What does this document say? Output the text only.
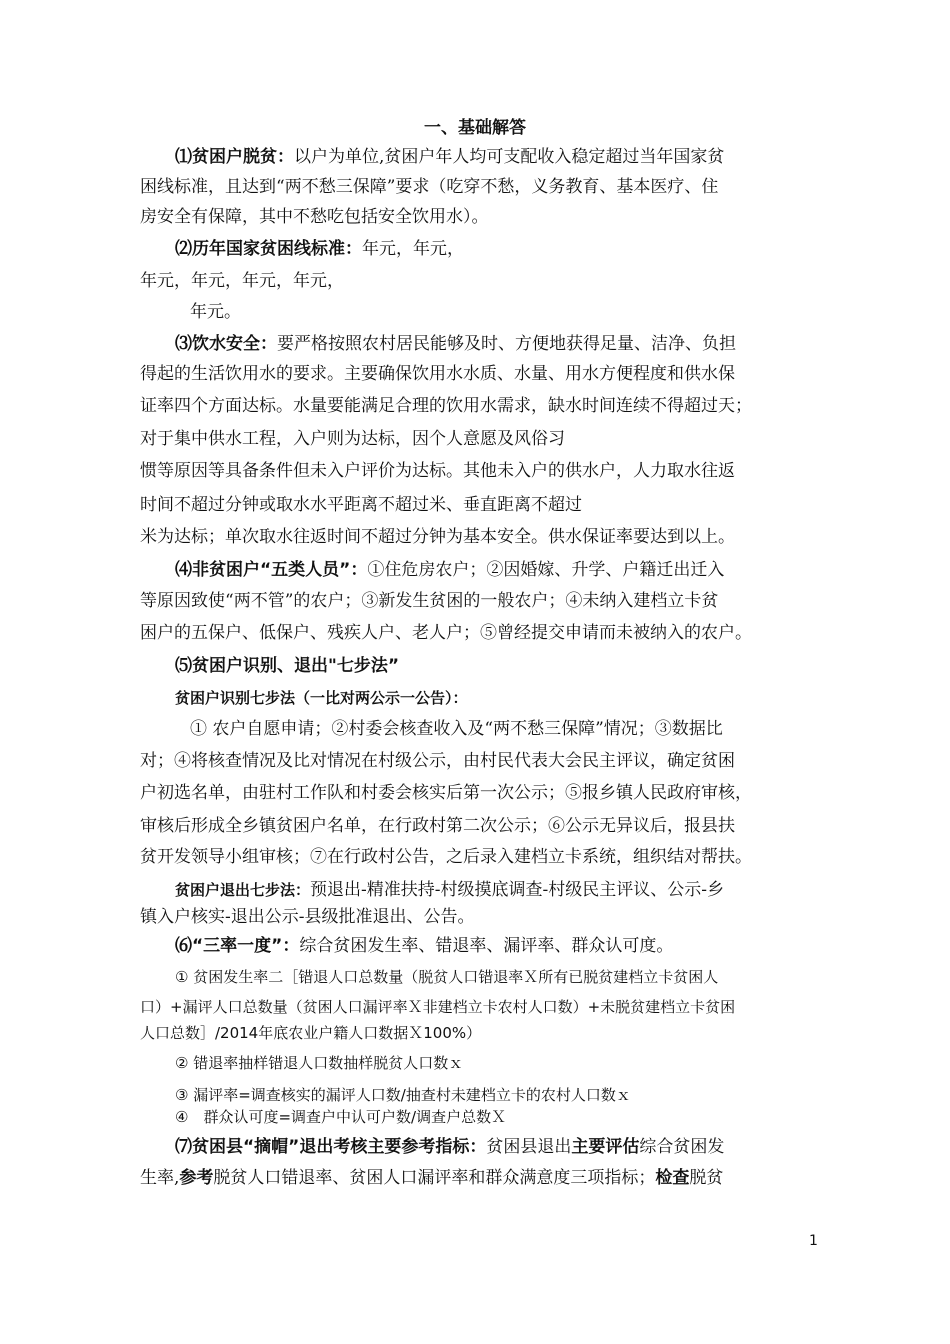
一、基础解答
⑴贫困户脱贫：以户为单位,贫困户年人均可支配收入稳定超过当年国家贫
困线标准，且达到“两不愁三保障”要求（吃穿不愁，义务教育、基本医疗、住
房安全有保障，其中不愁吃包括安全饮用水）。
⑵历年国家贫困线标准：年元，年元，
年元，年元，年元，年元，
年元。
⑶饮水安全：要严格按照农村居民能够及时、方便地获得足量、洁净、负担
得起的生活饮用水的要求。主要确保饮用水水质、水量、用水方便程度和供水保
证率四个方面达标。水量要能满足合理的饮用水需求，缺水时间连续不得超过天；
对于集中供水工程，入户则为达标，因个人意愿及风俗习
惯等原因等具备条件但未入户评价为达标。其他未入户的供水户，人力取水往返
时间不超过分钟或取水水平距离不超过米、垂直距离不超过
米为达标；单次取水往返时间不超过分钟为基本安全。供水保证率要达到以上。
⑷非贫困户“五类人员”：①住危房农户；②因婚嫁、升学、户籍迁出迁入
等原因致使“两不管”的农户；③新发生贫困的一般农户；④未纳入建档立卡贫
困户的五保户、低保户、残疾人户、老人户；⑤曾经提交申请而未被纳入的农户。
⑸贫困户识别、退出"七步法”
贫困户识别七步法（一比对两公示一公告）：
① 农户自愿申请；②村委会核查收入及“两不愁三保障”情况；③数据比
对；④将核查情况及比对情况在村级公示，由村民代表大会民主评议，确定贫困
户初选名单，由驻村工作队和村委会核实后第一次公示；⑤报乡镇人民政府审核，
审核后形成全乡镇贫困户名单，在行政村第二次公示；⑥公示无异议后，报县扶
贫开发领导小组审核；⑦在行政村公告，之后录入建档立卡系统，组织结对帮扶。
贫困户退出七步法：预退出-精准扶持-村级摸底调查-村级民主评议、公示-乡
镇入户核实-退出公示-县级批准退出、公告。
⑹“三率一度”：综合贫困发生率、错退率、漏评率、群众认可度。
① 贫困发生率二［错退人口总数量（脱贫人口错退率Ｘ所有已脱贫建档立卡贫困人
口）+漏评人口总数量（贫困人口漏评率Ｘ非建档立卡农村人口数）+未脱贫建档立卡贫困
人口总数］/2014年底农业户籍人口数据Ｘ100%）
② 错退率抽样错退人口数抽样脱贫人口数ｘ
③ 漏评率=调查核实的漏评人口数/抽查村未建档立卡的农村人口数ｘ
④　群众认可度=调查户中认可户数/调查户总数Ｘ
⑺贫困县“摘帽”退出考核主要参考指标：贫困县退出主要评估综合贫困发
生率,参考脱贫人口错退率、贫困人口漏评率和群众满意度三项指标；检查脱贫
1
